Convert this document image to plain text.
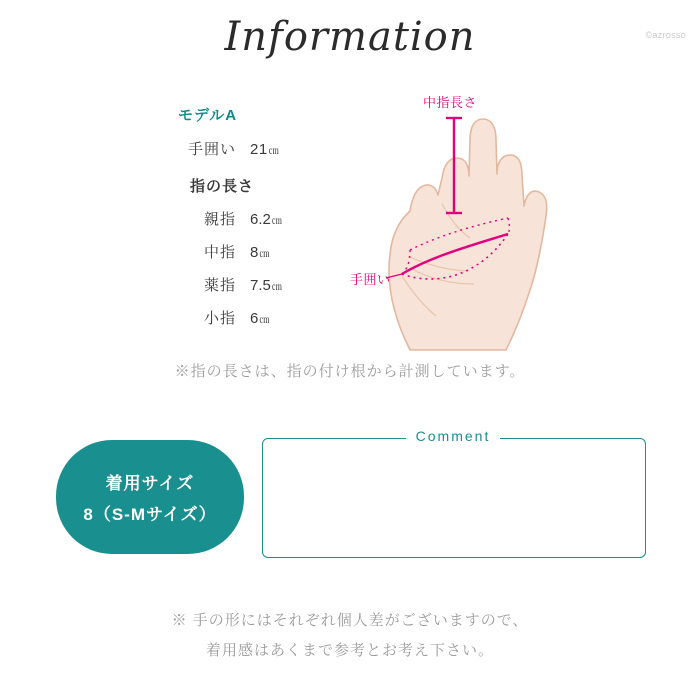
Information	©azrosso
モデルA
手囲い 21㎝
指の長さ
親指 6.2㎝
中指 8㎝
薬指 7.5㎝
小指 6㎝
中指長さ
手囲い
※指の長さは、指の付け根から計測しています。
着用サイズ
8（S-Mサイズ）
Comment
※ 手の形にはそれぞれ個人差がございますので、
着用感はあくまで参考とお考え下さい。
